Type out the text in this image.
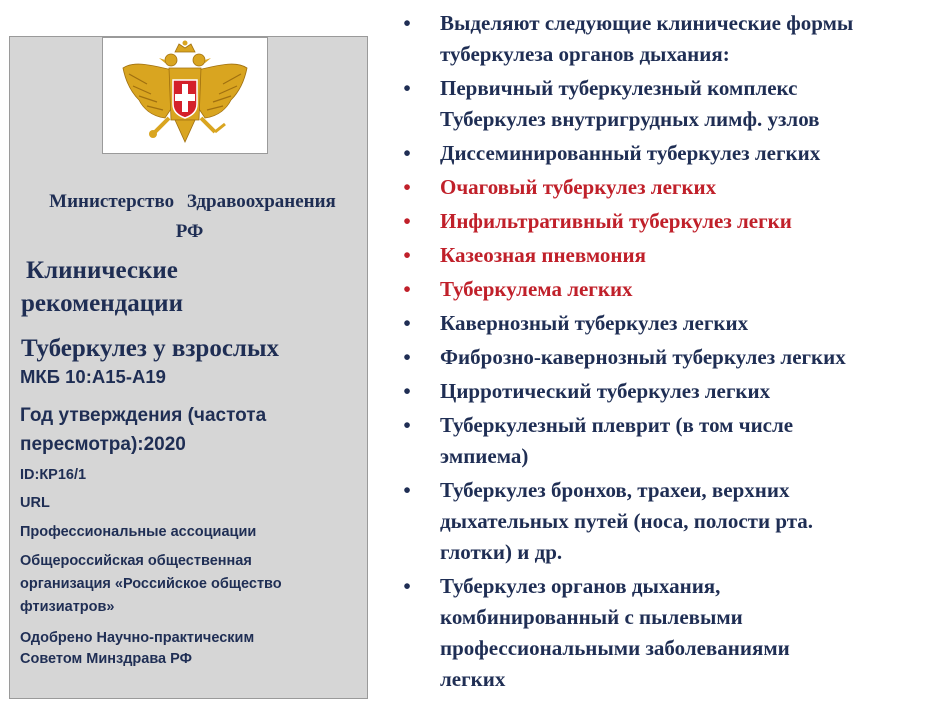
Министерство Здравоохранения
РФ
Клинические
рекомендации
Туберкулез у взрослых
МКБ 10:А15-А19
Год утверждения (частота
пересмотра):2020
ID:КР16/1
URL
Профессиональные ассоциации
Общероссийская общественная
организация «Российское общество
фтизиатров»
Одобрено Научно-практическим
Советом Минздрава РФ
• Выделяют следующие клинические формы
туберкулеза органов дыхания:
• Первичный туберкулезный комплекс
Туберкулез внутригрудных лимф. узлов
• Диссеминированный туберкулез легких
• Очаговый туберкулез легких
• Инфильтративный туберкулез легки
• Казеозная пневмония
• Туберкулема легких
• Кавернозный туберкулез легких
• Фиброзно-кавернозный туберкулез легких
• Цирротический туберкулез легких
• Туберкулезный плеврит (в том числе
эмпиема)
• Туберкулез бронхов, трахеи, верхних
дыхательных путей (носа, полости рта.
глотки) и др.
• Туберкулез органов дыхания,
комбинированный с пылевыми
профессиональными заболеваниями
легких
